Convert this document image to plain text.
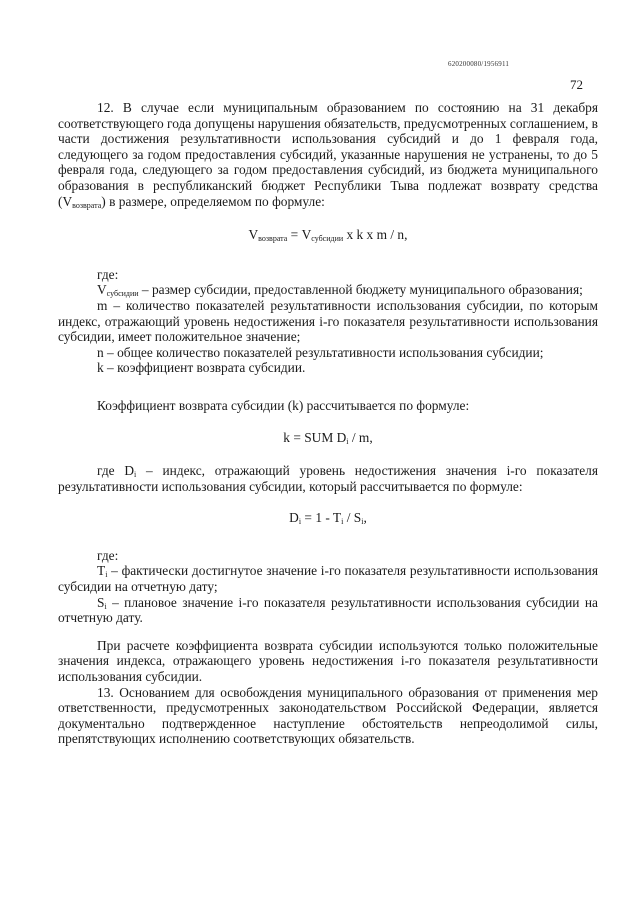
620200080/1956911
72

12. В случае если муниципальным образованием по состоянию на 31 декабря соответствующего года допущены нарушения обязательств, предусмотренных соглашением, в части достижения результативности использования субсидий и до 1 февраля года, следующего за годом предоставления субсидий, указанные нарушения не устранены, то до 5 февраля года, следующего за годом предоставления субсидий, из бюджета муниципального образования в республиканский бюджет Республики Тыва подлежат возврату средства $(V_{возврата})$ в размере, определяемом по формуле:

$V_{возврата} = V_{субсидии}$ x k x m / n,

где:

$V_{субсидии}$ – размер субсидии, предоставленной бюджету муниципального образования;

m – количество показателей результативности использования субсидии, по которым индекс, отражающий уровень недостижения i-го показателя результативности использования субсидии, имеет положительное значение;

n – общее количество показателей результативности использования субсидии;

k – коэффициент возврата субсидии.

Коэффициент возврата субсидии (k) рассчитывается по формуле:

k = SUM $D_i$ / m,

где $D_i$ – индекс, отражающий уровень недостижения значения i-го показателя результативности использования субсидии, который рассчитывается по формуле:

$D_i = 1 - T_i / S_i$,

где:

$T_i$ – фактически достигнутое значение i-го показателя результативности использования субсидии на отчетную дату;

$S_i$ – плановое значение i-го показателя результативности использования субсидии на отчетную дату.

При расчете коэффициента возврата субсидии используются только положительные значения индекса, отражающего уровень недостижения i-го показателя результативности использования субсидии.

13. Основанием для освобождения муниципального образования от применения мер ответственности, предусмотренных законодательством Российской Федерации, является документально подтвержденное наступление обстоятельств непреодолимой силы, препятствующих исполнению соответствующих обязательств.
